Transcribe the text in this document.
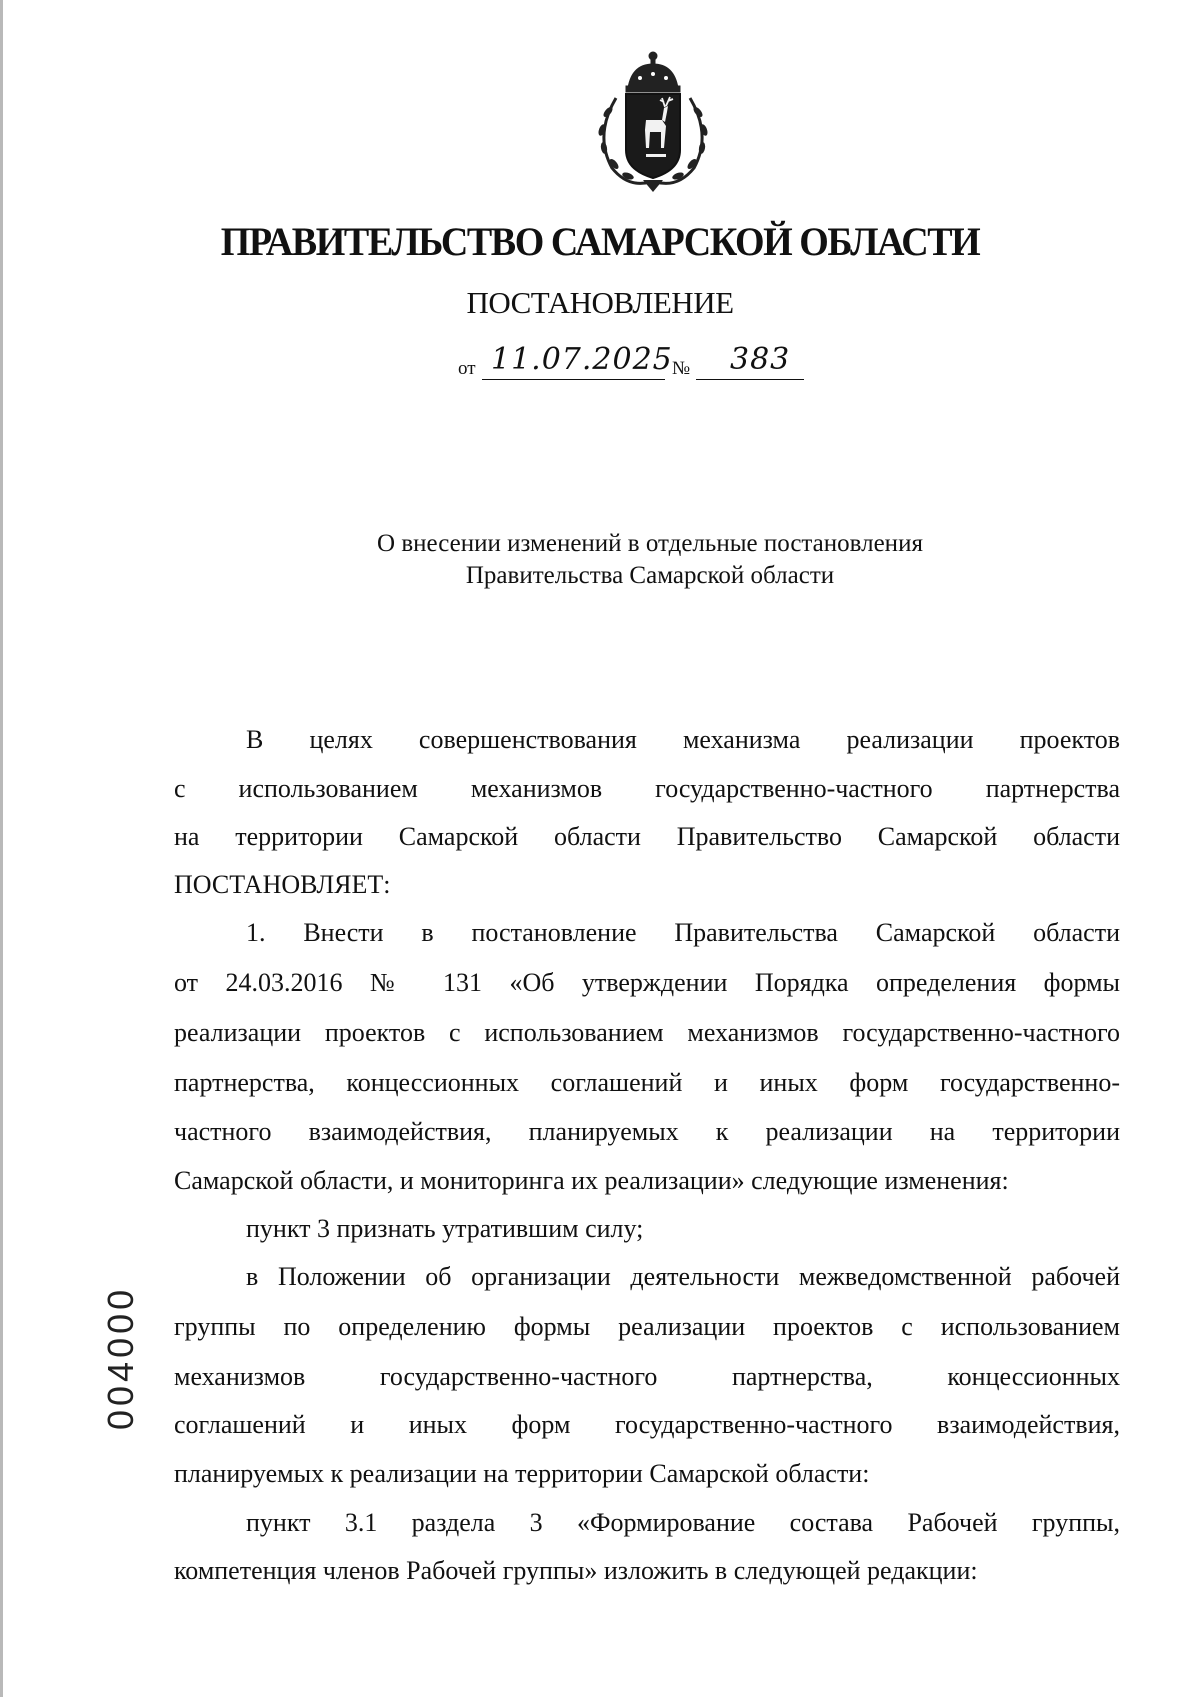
ПРАВИТЕЛЬСТВО САМАРСКОЙ ОБЛАСТИ
ПОСТАНОВЛЕНИЕ
от 11.07.2025 № 383
О внесении изменений в отдельные постановления
Правительства Самарской области
В целях совершенствования механизма реализации проектов
с использованием механизмов государственно-частного партнерства
на территории Самарской области Правительство Самарской области
ПОСТАНОВЛЯЕТ:
1. Внести в постановление Правительства Самарской области
от 24.03.2016 № 131 «Об утверждении Порядка определения формы
реализации проектов с использованием механизмов государственно-частного
партнерства, концессионных соглашений и иных форм государственно-
частного взаимодействия, планируемых к реализации на территории
Самарской области, и мониторинга их реализации» следующие изменения:
пункт 3 признать утратившим силу;
в Положении об организации деятельности межведомственной рабочей
группы по определению формы реализации проектов с использованием
механизмов государственно-частного партнерства, концессионных
соглашений и иных форм государственно-частного взаимодействия,
планируемых к реализации на территории Самарской области:
пункт 3.1 раздела 3 «Формирование состава Рабочей группы,
компетенция членов Рабочей группы» изложить в следующей редакции:
004000
